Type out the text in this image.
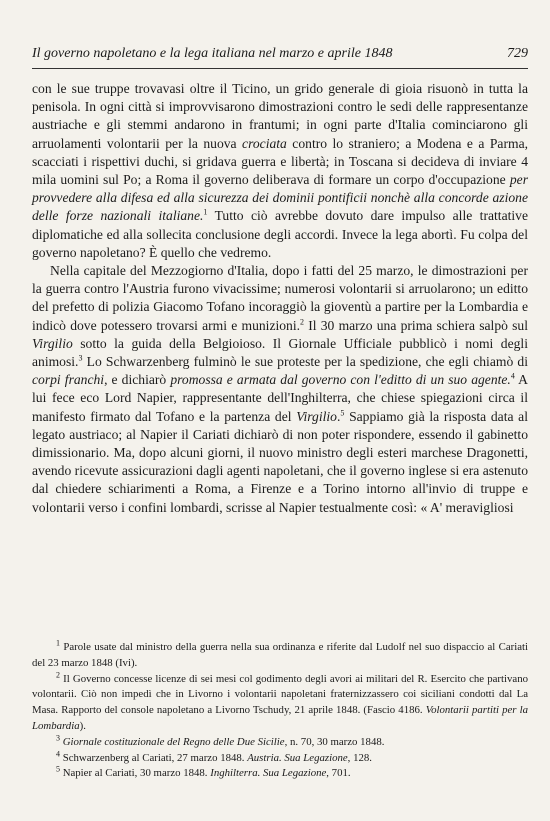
Il governo napoletano e la lega italiana nel marzo e aprile 1848	729

con le sue truppe trovavasi oltre il Ticino, un grido generale di gioia risuonò in tutta la penisola. In ogni città si improvvisarono dimostrazioni contro le sedi delle rappresentanze austriache e gli stemmi andarono in frantumi; in ogni parte d'Italia cominciarono gli arruolamenti volontarii per la nuova crociata contro lo straniero; a Modena e a Parma, scacciati i rispettivi duchi, si gridava guerra e libertà; in Toscana si decideva di inviare 4 mila uomini sul Po; a Roma il governo deliberava di formare un corpo d'occupazione per provvedere alla difesa ed alla sicurezza dei dominii pontificii nonchè alla concorde azione delle forze nazionali italiane.$^1$ Tutto ciò avrebbe dovuto dare impulso alle trattative diplomatiche ed alla sollecita conclusione degli accordi. Invece la lega abortì. Fu colpa del governo napoletano? È quello che vedremo.

Nella capitale del Mezzogiorno d'Italia, dopo i fatti del 25 marzo, le dimostrazioni per la guerra contro l'Austria furono vivacissime; numerosi volontarii si arruolarono; un editto del prefetto di polizia Giacomo Tofano incoraggiò la gioventù a partire per la Lombardia e indicò dove potessero trovarsi armi e munizioni.$^2$ Il 30 marzo una prima schiera salpò sul Virgilio sotto la guida della Belgioioso. Il Giornale Ufficiale pubblicò i nomi degli animosi.$^3$ Lo Schwarzenberg fulminò le sue proteste per la spedizione, che egli chiamò di corpi franchi, e dichiarò promossa e armata dal governo con l'editto di un suo agente.$^4$ A lui fece eco Lord Napier, rappresentante dell'Inghilterra, che chiese spiegazioni circa il manifesto firmato dal Tofano e la partenza del Virgilio.$^5$ Sappiamo già la risposta data al legato austriaco; al Napier il Cariati dichiarò di non poter rispondere, essendo il gabinetto dimissionario. Ma, dopo alcuni giorni, il nuovo ministro degli esteri marchese Dragonetti, avendo ricevute assicurazioni dagli agenti napoletani, che il governo inglese si era astenuto dal chiedere schiarimenti a Roma, a Firenze e a Torino intorno all'invio di truppe e volontarii verso i confini lombardi, scrisse al Napier testualmente così: « A' meravigliosi

$^1$ Parole usate dal ministro della guerra nella sua ordinanza e riferite dal Ludolf nel suo dispaccio al Cariati del 23 marzo 1848 (Ivi).

$^2$ Il Governo concesse licenze di sei mesi col godimento degli avori ai militari del R. Esercito che partivano volontarii. Ciò non impedì che in Livorno i volontarii napoletani fraternizzassero coi siciliani condotti dal La Masa. Rapporto del console napoletano a Livorno Tschudy, 21 aprile 1848. (Fascio 4186. Volontarii partiti per la Lombardia).

$^3$ Giornale costituzionale del Regno delle Due Sicilie, n. 70, 30 marzo 1848.

$^4$ Schwarzenberg al Cariati, 27 marzo 1848. Austria. Sua Legazione, 128.

$^5$ Napier al Cariati, 30 marzo 1848. Inghilterra. Sua Legazione, 701.
